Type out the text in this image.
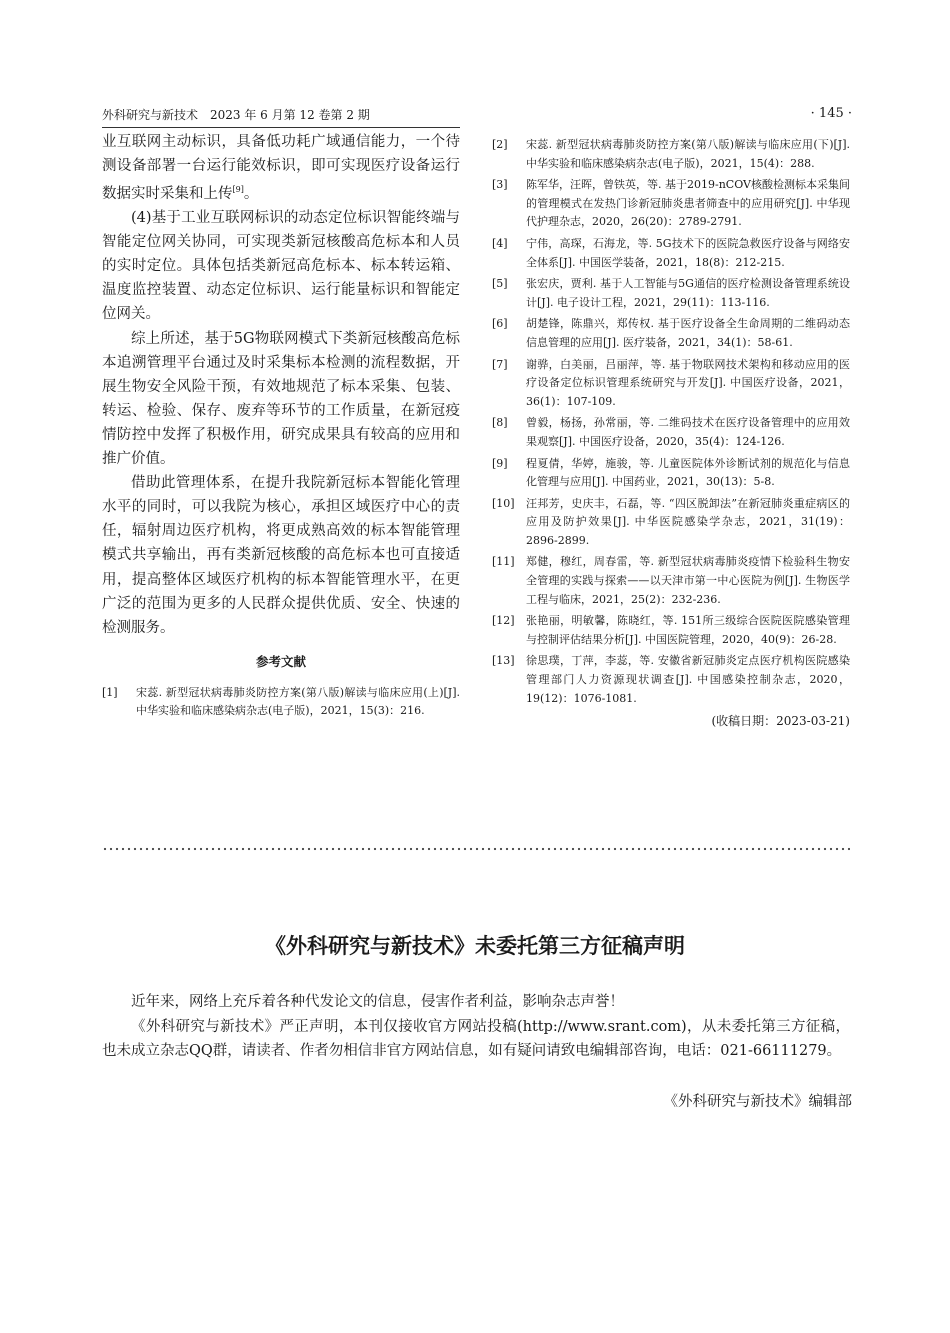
外科研究与新技术　2023 年 6 月第 12 卷第 2 期	· 145 ·

业互联网主动标识，具备低功耗广域通信能力，一个待测设备部署一台运行能效标识，即可实现医疗设备运行数据实时采集和上传[9]。

(4)基于工业互联网标识的动态定位标识智能终端与智能定位网关协同，可实现类新冠核酸高危标本和人员的实时定位。具体包括类新冠高危标本、标本转运箱、温度监控装置、动态定位标识、运行能量标识和智能定位网关。

综上所述，基于5G物联网模式下类新冠核酸高危标本追溯管理平台通过及时采集标本检测的流程数据，开展生物安全风险干预，有效地规范了标本采集、包装、转运、检验、保存、废弃等环节的工作质量，在新冠疫情防控中发挥了积极作用，研究成果具有较高的应用和推广价值。

借助此管理体系，在提升我院新冠标本智能化管理水平的同时，可以我院为核心，承担区域医疗中心的责任，辐射周边医疗机构，将更成熟高效的标本智能管理模式共享输出，再有类新冠核酸的高危标本也可直接适用，提高整体区域医疗机构的标本智能管理水平，在更广泛的范围为更多的人民群众提供优质、安全、快速的检测服务。

参考文献
[1]	宋蕊. 新型冠状病毒肺炎防控方案(第八版)解读与临床应用(上)[J]. 中华实验和临床感染病杂志(电子版)，2021，15(3)：216.
[2]	宋蕊. 新型冠状病毒肺炎防控方案(第八版)解读与临床应用(下)[J]. 中华实验和临床感染病杂志(电子版)，2021，15(4)：288.
[3]	陈军华，汪晖，曾铁英，等. 基于2019-nCOV核酸检测标本采集间的管理模式在发热门诊新冠肺炎患者筛查中的应用研究[J]. 中华现代护理杂志，2020，26(20)：2789-2791.
[4]	宁伟，高琛，石海龙，等. 5G技术下的医院急救医疗设备与网络安全体系[J]. 中国医学装备，2021，18(8)：212-215.
[5]	张宏庆，贾利. 基于人工智能与5G通信的医疗检测设备管理系统设计[J]. 电子设计工程，2021，29(11)：113-116.
[6]	胡楚锋，陈鼎兴，郑传权. 基于医疗设备全生命周期的二维码动态信息管理的应用[J]. 医疗装备，2021，34(1)：58-61.
[7]	谢骅，白美丽，吕丽萍，等. 基于物联网技术架构和移动应用的医疗设备定位标识管理系统研究与开发[J]. 中国医疗设备，2021，36(1)：107-109.
[8]	曾毅，杨扬，孙常丽，等. 二维码技术在医疗设备管理中的应用效果观察[J]. 中国医疗设备，2020，35(4)：124-126.
[9]	程夏倩，华婷，施骏，等. 儿童医院体外诊断试剂的规范化与信息化管理与应用[J]. 中国药业，2021，30(13)：5-8.
[10]	汪邦芳，史庆丰，石磊，等. “四区脱卸法”在新冠肺炎重症病区的应用及防护效果[J]. 中华医院感染学杂志，2021，31(19)：2896-2899.
[11]	郑健，穆红，周春雷，等. 新型冠状病毒肺炎疫情下检验科生物安全管理的实践与探索——以天津市第一中心医院为例[J]. 生物医学工程与临床，2021，25(2)：232-236.
[12]	张艳丽，明敏馨，陈晓红，等. 151所三级综合医院医院感染管理与控制评估结果分析[J]. 中国医院管理，2020，40(9)：26-28.
[13]	徐思璞，丁萍，李蕊，等. 安徽省新冠肺炎定点医疗机构医院感染管理部门人力资源现状调查[J]. 中国感染控制杂志，2020，19(12)：1076-1081.
(收稿日期：2023-03-21)
《外科研究与新技术》未委托第三方征稿声明

近年来，网络上充斥着各种代发论文的信息，侵害作者利益，影响杂志声誉！

《外科研究与新技术》严正声明，本刊仅接收官方网站投稿(http://www.srant.com)，从未委托第三方征稿，也未成立杂志QQ群，请读者、作者勿相信非官方网站信息，如有疑问请致电编辑部咨询，电话：021-66111279。

《外科研究与新技术》编辑部
